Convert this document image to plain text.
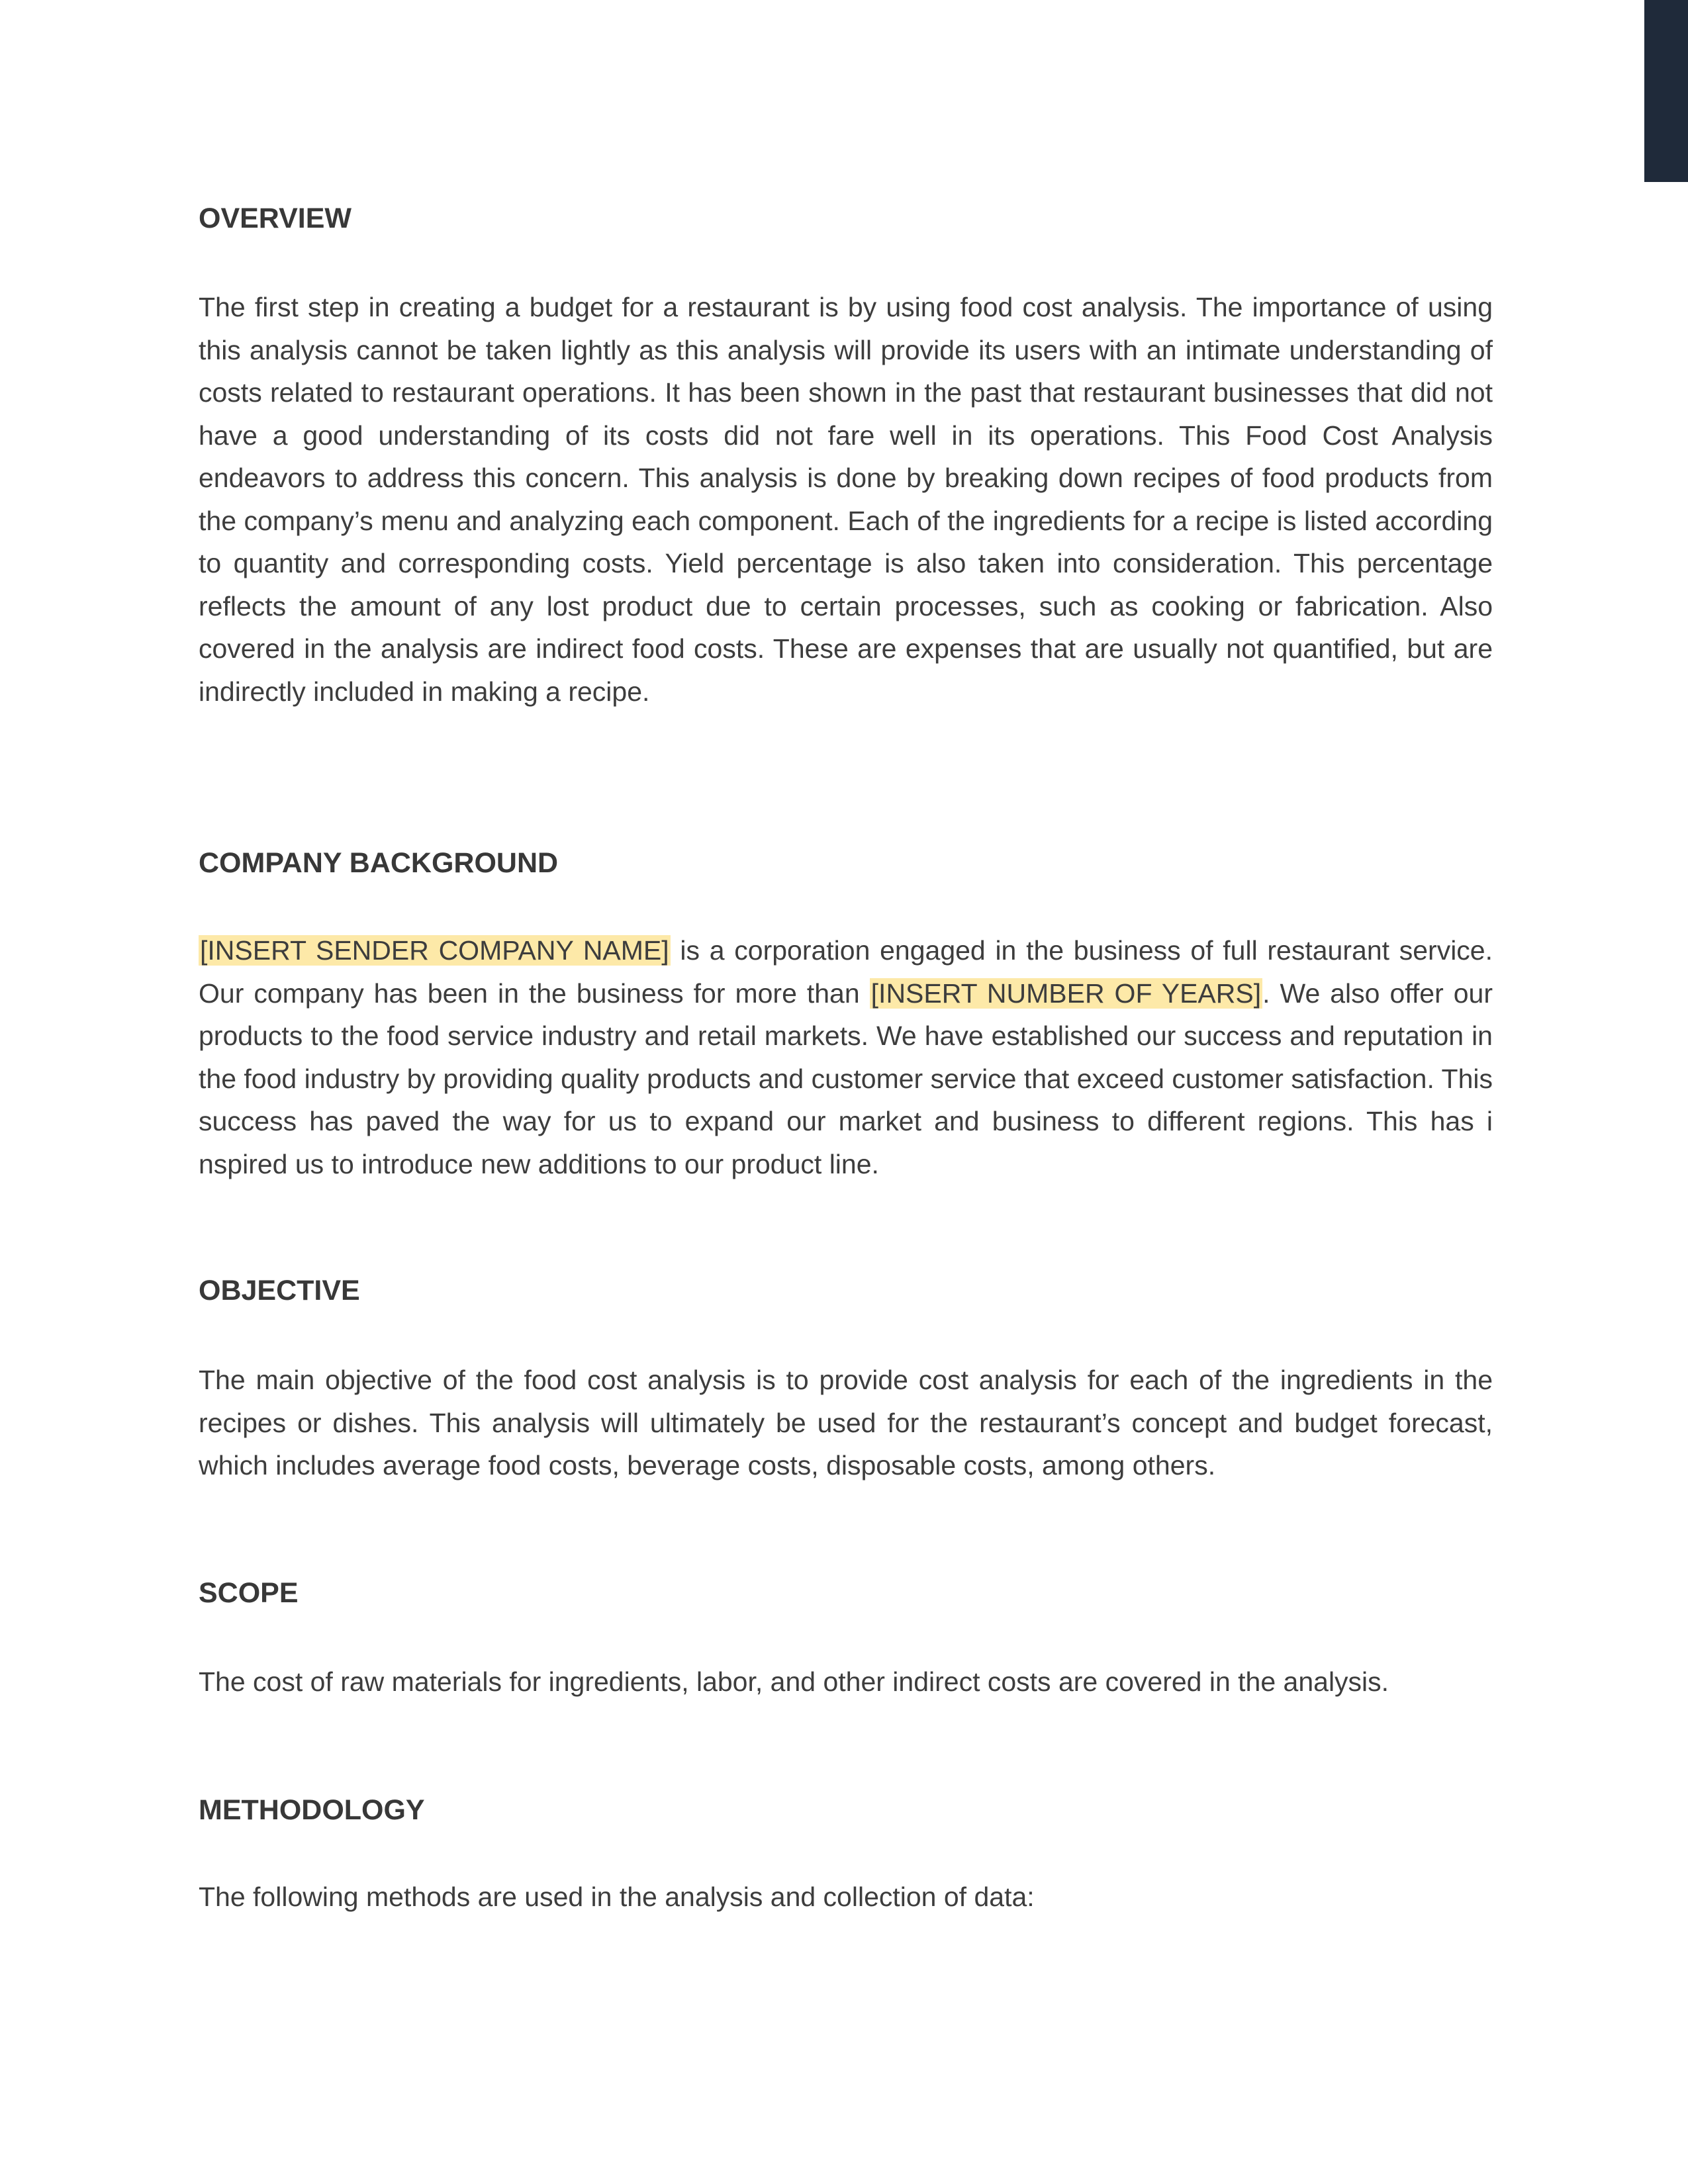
OVERVIEW

The first step in creating a budget for a restaurant is by using food cost analysis. The importance of using this analysis cannot be taken lightly as this analysis will provide its users with an intimate understanding of costs related to restaurant operations. It has been shown in the past that restaurant businesses that did not have a good understanding of its costs did not fare well in its operations. This Food Cost Analysis endeavors to address this concern. This analysis is done by breaking down recipes of food products from the company’s menu and analyzing each component. Each of the ingredients for a recipe is listed according to quantity and corresponding costs. Yield percentage is also taken into consideration. This percentage reflects the amount of any lost product due to certain processes, such as cooking or fabrication. Also covered in the analysis are indirect food costs. These are expenses that are usually not quantified, but are indirectly included in making a recipe.

COMPANY BACKGROUND

[INSERT SENDER COMPANY NAME] is a corporation engaged in the business of full restaurant service. Our company has been in the business for more than [INSERT NUMBER OF YEARS]. We also offer our products to the food service industry and retail markets. We have established our success and reputation in the food industry by providing quality products and customer service that exceed customer satisfaction. This success has paved the way for us to expand our market and business to different regions. This has i nspired us to introduce new additions to our product line.

OBJECTIVE

The main objective of the food cost analysis is to provide cost analysis for each of the ingredients in the recipes or dishes. This analysis will ultimately be used for the restaurant’s concept and budget forecast, which includes average food costs, beverage costs, disposable costs, among others.

SCOPE

The cost of raw materials for ingredients, labor, and other indirect costs are covered in the analysis.

METHODOLOGY

The following methods are used in the analysis and collection of data:
